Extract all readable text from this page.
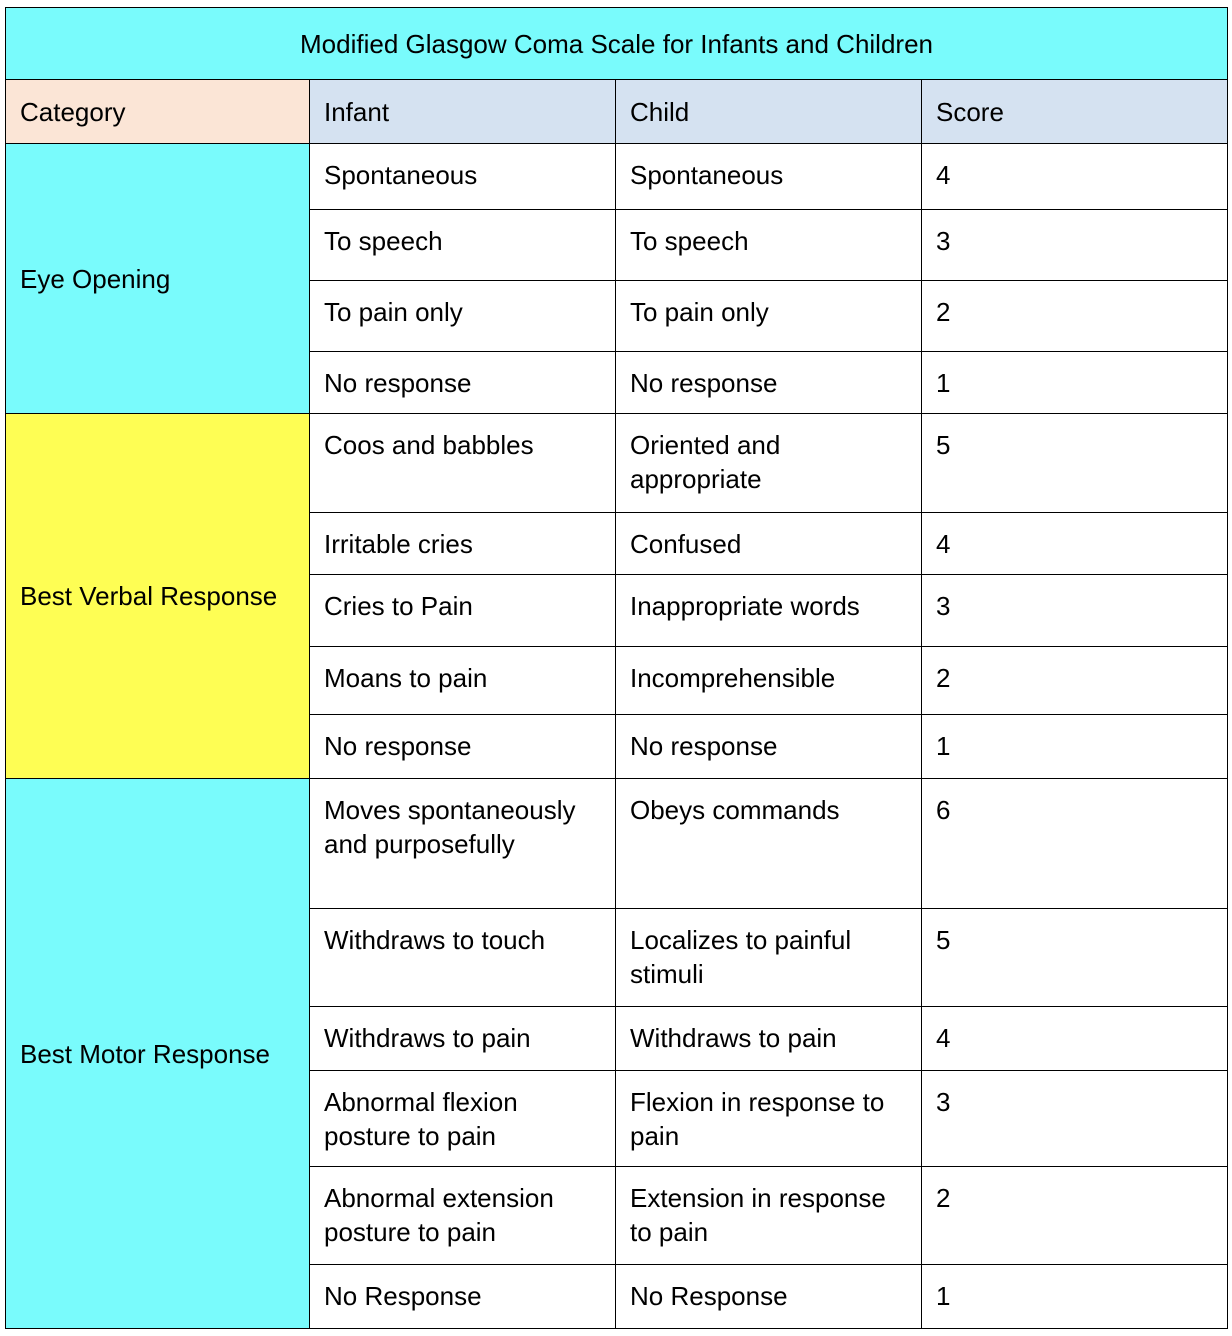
Modified Glasgow Coma Scale for Infants and Children			
Category	Infant	Child	Score
Eye Opening	Spontaneous	Spontaneous	4
	To speech	To speech	3
	To pain only	To pain only	2
	No response	No response	1
Best Verbal Response	Coos and babbles	Oriented and appropriate	5
	Irritable cries	Confused	4
	Cries to Pain	Inappropriate words	3
	Moans to pain	Incomprehensible	2
	No response	No response	1
Best Motor Response	Moves spontaneously and purposefully	Obeys commands	6
	Withdraws to touch	Localizes to painful stimuli	5
	Withdraws to pain	Withdraws to pain	4
	Abnormal flexion posture to pain	Flexion in response to pain	3
	Abnormal extension posture to pain	Extension in response to pain	2
	No Response	No Response	1
